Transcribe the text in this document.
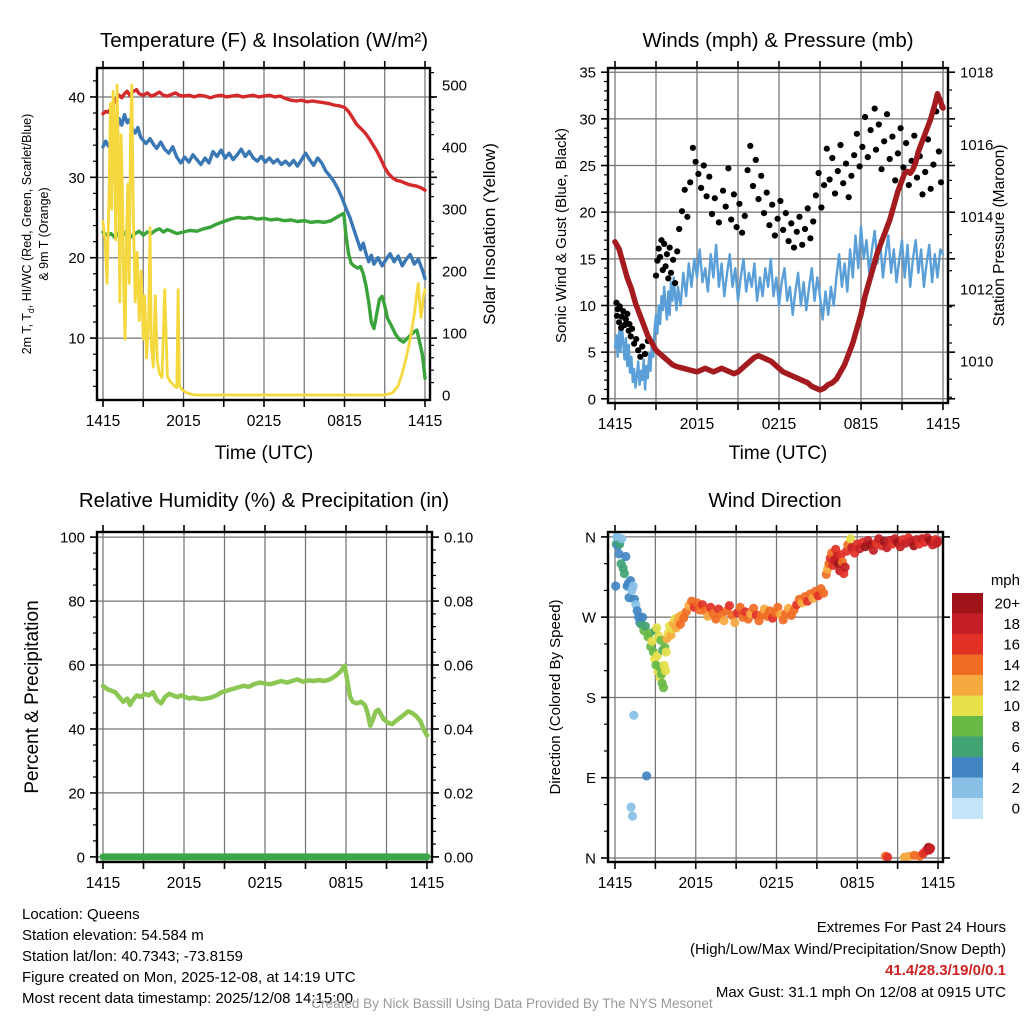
1415	2015	0215	0815	1415
10
20
30
40
0
100
200
300
400
500
Temperature (F) & Insolation (W/m²)
Time (UTC)
2m T, $T_d$, HI/WC (Red, Green, Scarlet/Blue) & 9m T (Orange)	Solar Insolation (Yellow)
1415	2015	0215	0815	1415
0
5
10
15
20
25
30
35
1010
1012
1014
1016
1018
Winds (mph) & Pressure (mb)
Time (UTC)
Sonic Wind & Gust (Blue, Black)	Station Pressure (Maroon)
1415	2015	0215	0815	1415
0
20
40
60
80
100
0.00
0.02
0.04
0.06
0.08
0.10
Relative Humidity (%) & Precipitation (in)
Percent & Precipitation
1415	2015	0215	0815	1415
N
W
S
E
N
Wind Direction
Direction (Colored By Speed)
mph
20+
18
16
14
12
10
8
6
4
2
0
Location: Queens
Station elevation: 54.584 m
Station lat/lon: 40.7343; -73.8159
Figure created on Mon, 2025-12-08, at 14:19 UTC
Most recent data timestamp: 2025/12/08 14:15:00
Extremes For Past 24 Hours
(High/Low/Max Wind/Precipitation/Snow Depth)
41.4/28.3/19/0/0.1
Max Gust: 31.1 mph On 12/08 at 0915 UTC
Created By Nick Bassill Using Data Provided By The NYS Mesonet
